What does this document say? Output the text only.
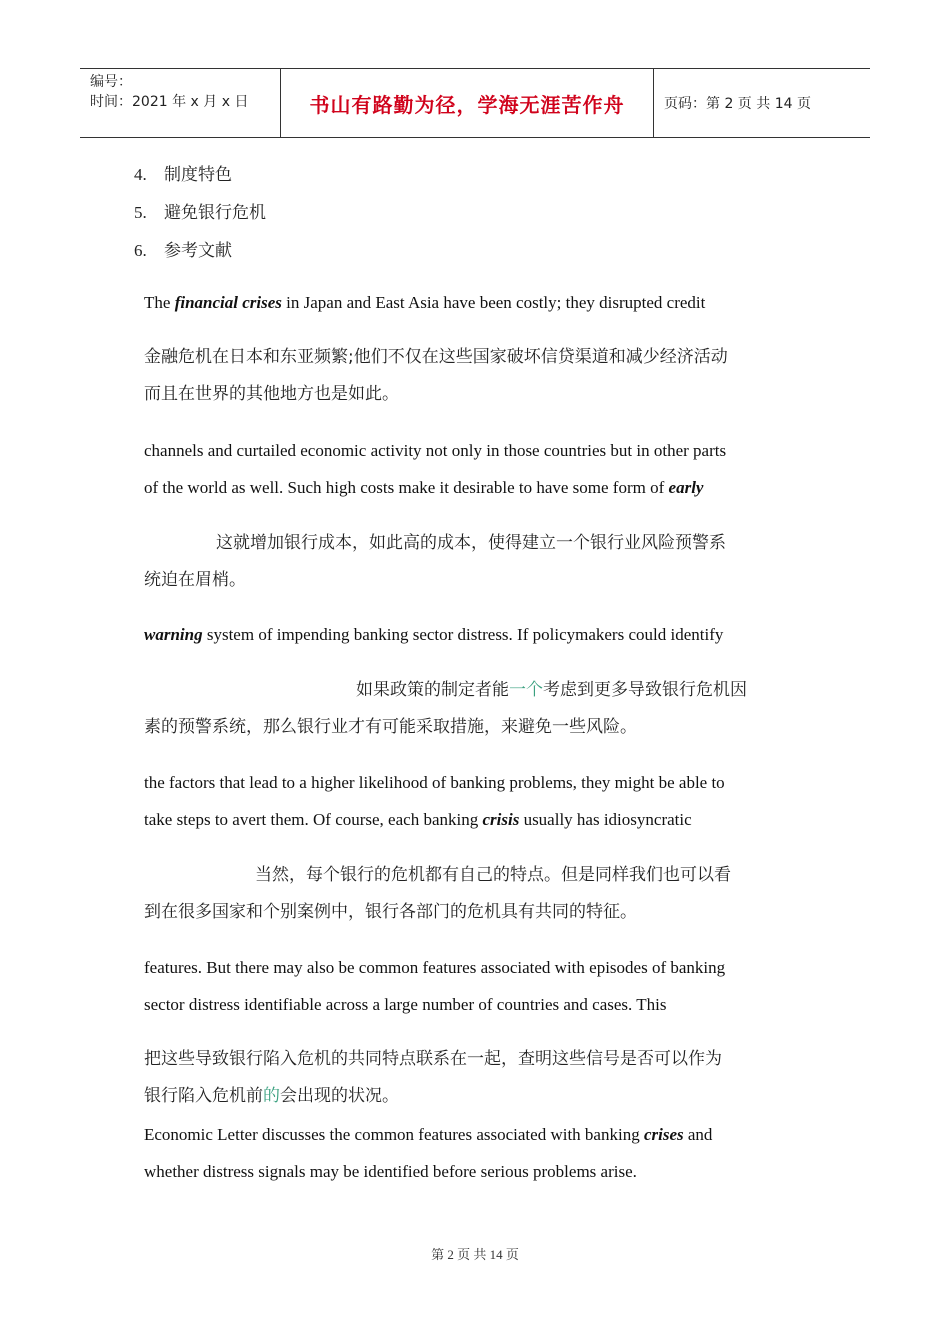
编号：
时间：2021 年 x 月 x 日	书山有路勤为径，学海无涯苦作舟	页码：第 2 页 共 14 页
4. 制度特色
5. 避免银行危机
6. 参考文献
The financial crises in Japan and East Asia have been costly; they disrupted credit
金融危机在日本和东亚频繁;他们不仅在这些国家破坏信贷渠道和减少经济活动
而且在世界的其他地方也是如此。
channels and curtailed economic activity not only in those countries but in other parts
of the world as well. Such high costs make it desirable to have some form of early
这就增加银行成本，如此高的成本，使得建立一个银行业风险预警系
统迫在眉梢。
warning system of impending banking sector distress. If policymakers could identify
如果政策的制定者能一个考虑到更多导致银行危机因
素的预警系统，那么银行业才有可能采取措施，来避免一些风险。
the factors that lead to a higher likelihood of banking problems, they might be able to
take steps to avert them. Of course, each banking crisis usually has idiosyncratic
当然，每个银行的危机都有自己的特点。但是同样我们也可以看
到在很多国家和个别案例中，银行各部门的危机具有共同的特征。
features. But there may also be common features associated with episodes of banking
sector distress identifiable across a large number of countries and cases. This
把这些导致银行陷入危机的共同特点联系在一起，查明这些信号是否可以作为
银行陷入危机前的会出现的状况。
Economic Letter discusses the common features associated with banking crises and
whether distress signals may be identified before serious problems arise.
第 2 页 共 14 页
